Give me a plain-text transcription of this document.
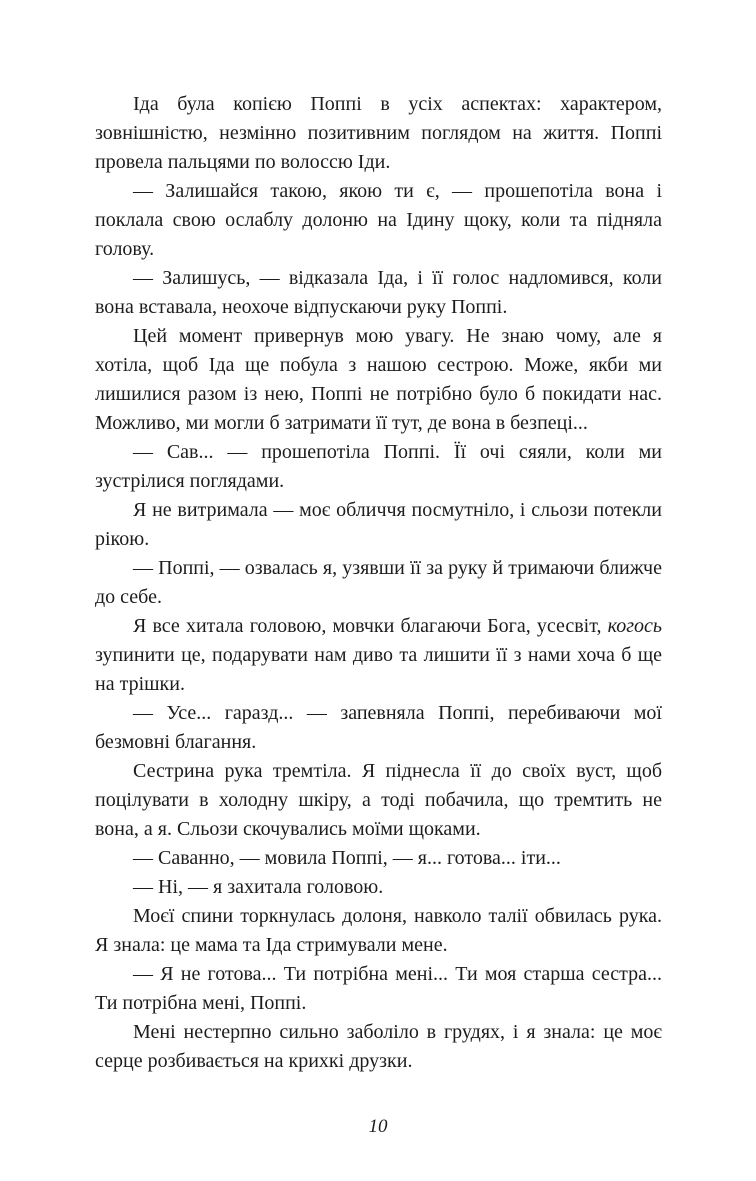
Іда була копією Поппі в усіх аспектах: характером, зовнішністю, незмінно позитивним поглядом на життя. Поппі провела пальцями по волоссю Іди.

— Залишайся такою, якою ти є, — прошепотіла вона і поклала свою ослаблу долоню на Ідину щоку, коли та підняла голову.

— Залишусь, — відказала Іда, і її голос надломився, коли вона вставала, неохоче відпускаючи руку Поппі.

Цей момент привернув мою увагу. Не знаю чому, але я хотіла, щоб Іда ще побула з нашою сестрою. Може, якби ми лишилися разом із нею, Поппі не потрібно було б покидати нас. Можливо, ми могли б затримати її тут, де вона в безпеці...

— Сав... — прошепотіла Поппі. Її очі сяяли, коли ми зустрілися поглядами.

Я не витримала — моє обличчя посмутніло, і сльози потекли рікою.

— Поппі, — озвалась я, узявши її за руку й тримаючи ближче до себе.

Я все хитала головою, мовчки благаючи Бога, усесвіт, когось зупинити це, подарувати нам диво та лишити її з нами хоча б ще на трішки.

— Усе... гаразд... — запевняла Поппі, перебиваючи мої безмовні благання.

Сестрина рука тремтіла. Я піднесла її до своїх вуст, щоб поцілувати в холодну шкіру, а тоді побачила, що тремтить не вона, а я. Сльози скочувались моїми щоками.

— Саванно, — мовила Поппі, — я... готова... іти...

— Ні, — я захитала головою.

Моєї спини торкнулась долоня, навколо талії обвилась рука. Я знала: це мама та Іда стримували мене.

— Я не готова... Ти потрібна мені... Ти моя старша сестра... Ти потрібна мені, Поппі.

Мені нестерпно сильно заболіло в грудях, і я знала: це моє серце розбивається на крихкі друзки.

10
